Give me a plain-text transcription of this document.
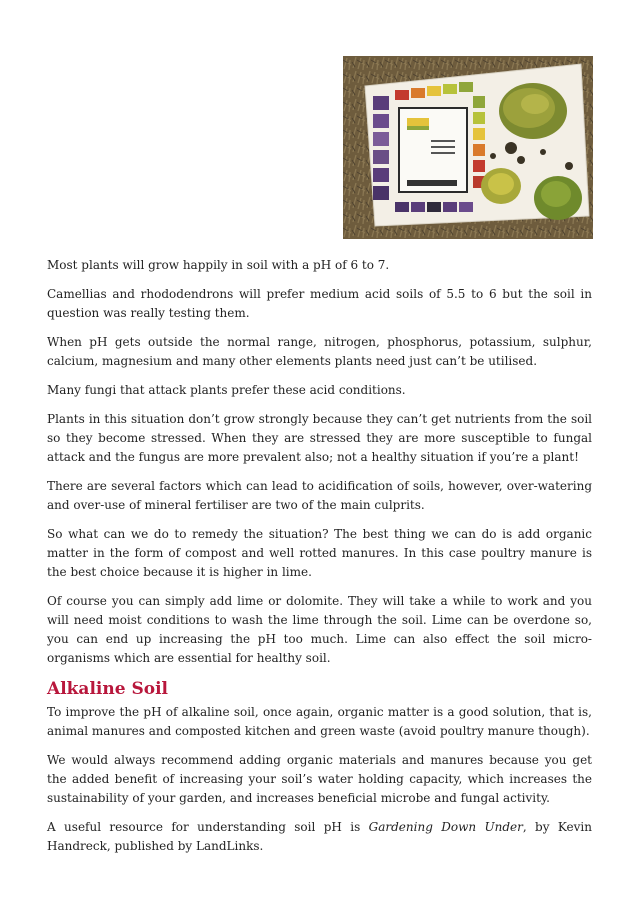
Most plants will grow happily in soil with a pH of 6 to 7.

Camellias and rhododendrons will prefer medium acid soils of 5.5 to 6 but the soil in question was really testing them.

When pH gets outside the normal range, nitrogen, phosphorus, potassium, sulphur, calcium, magnesium and many other elements plants need just can’t be utilised.

Many fungi that attack plants prefer these acid conditions.

Plants in this situation don’t grow strongly because they can’t get nutrients from the soil so they become stressed. When they are stressed they are more susceptible to fungal attack and the fungus are more prevalent also; not a healthy situation if you’re a plant!

There are several factors which can lead to acidification of soils, however, over-watering and over-use of mineral fertiliser are two of the main culprits.

So what can we do to remedy the situation? The best thing we can do is add organic matter in the form of compost and well rotted manures. In this case poultry manure is the best choice because it is higher in lime.

Of course you can simply add lime or dolomite. They will take a while to work and you will need moist conditions to wash the lime through the soil. Lime can be overdone so, you can end up increasing the pH too much. Lime can also effect the soil micro-organisms which are essential for healthy soil.

Alkaline Soil

To improve the pH of alkaline soil, once again, organic matter is a good solution, that is, animal manures and composted kitchen and green waste (avoid poultry manure though).

We would always recommend adding organic materials and manures because you get the added benefit of increasing your soil’s water holding capacity, which increases the sustainability of your garden, and increases beneficial microbe and fungal activity.

A useful resource for understanding soil pH is Gardening Down Under, by Kevin Handreck, published by LandLinks.
